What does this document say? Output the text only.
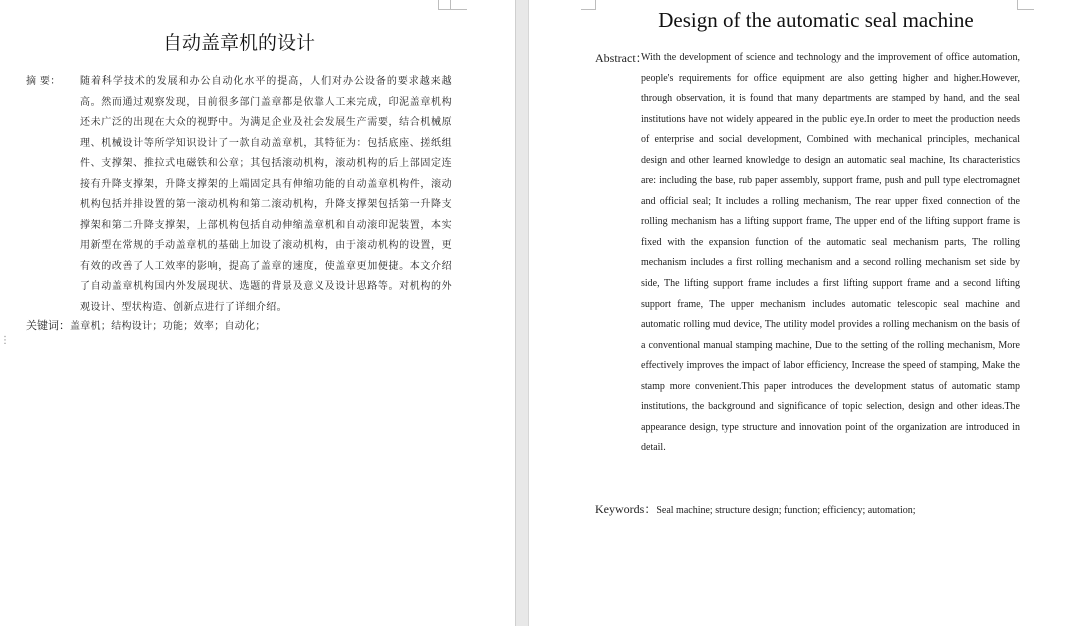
自动盖章机的设计
摘 要：	随着科学技术的发展和办公自动化水平的提高，人们对办公设备的要求越来越高。然而通过观察发现，目前很多部门盖章都是依靠人工来完成，印泥盖章机构还未广泛的出现在大众的视野中。为满足企业及社会发展生产需要，结合机械原理、机械设计等所学知识设计了一款自动盖章机，其特征为：包括底座、搓纸组件、支撑架、推拉式电磁铁和公章；其包括滚动机构，滚动机构的后上部固定连接有升降支撑架，升降支撑架的上端固定具有伸缩功能的自动盖章机构件，滚动机构包括并排设置的第一滚动机构和第二滚动机构，升降支撑架包括第一升降支撑架和第二升降支撑架，上部机构包括自动伸缩盖章机和自动滚印泥装置，本实用新型在常规的手动盖章机的基础上加设了滚动机构，由于滚动机构的设置，更有效的改善了人工效率的影响，提高了盖章的速度，使盖章更加便捷。本文介绍了自动盖章机构国内外发展现状、选题的背景及意义及设计思路等。对机构的外观设计、型状构造、创新点进行了详细介绍。
关键词：盖章机；结构设计；功能；效率；自动化；
⋮
Design of the automatic seal machine
Abstract：
With the development of science and technology and the improvement of office automation, people's requirements for office equipment are also getting higher and higher.However, through observation, it is found that many departments are stamped by hand, and the seal institutions have not widely appeared in the public eye.In order to meet the production needs of enterprise and social development, Combined with mechanical principles, mechanical design and other learned knowledge to design an automatic seal machine, Its characteristics are: including the base, rub paper assembly, support frame, push and pull type electromagnet and official seal; It includes a rolling mechanism, The rear upper fixed connection of the rolling mechanism has a lifting support frame, The upper end of the lifting support frame is fixed with the expansion function of the automatic seal mechanism parts, The rolling mechanism includes a first rolling mechanism and a second rolling mechanism set side by side, The lifting support frame includes a first lifting support frame and a second lifting support frame, The upper mechanism includes automatic telescopic seal machine and automatic rolling mud device, The utility model provides a rolling mechanism on the basis of a conventional manual stamping machine, Due to the setting of the rolling mechanism, More effectively improves the impact of labor efficiency, Increase the speed of stamping, Make the stamp more convenient.This paper introduces the development status of automatic stamp institutions, the background and significance of topic selection, design and other ideas.The appearance design, type structure and innovation point of the organization are introduced in detail.
Keywords：Seal machine; structure design; function; efficiency; automation;
